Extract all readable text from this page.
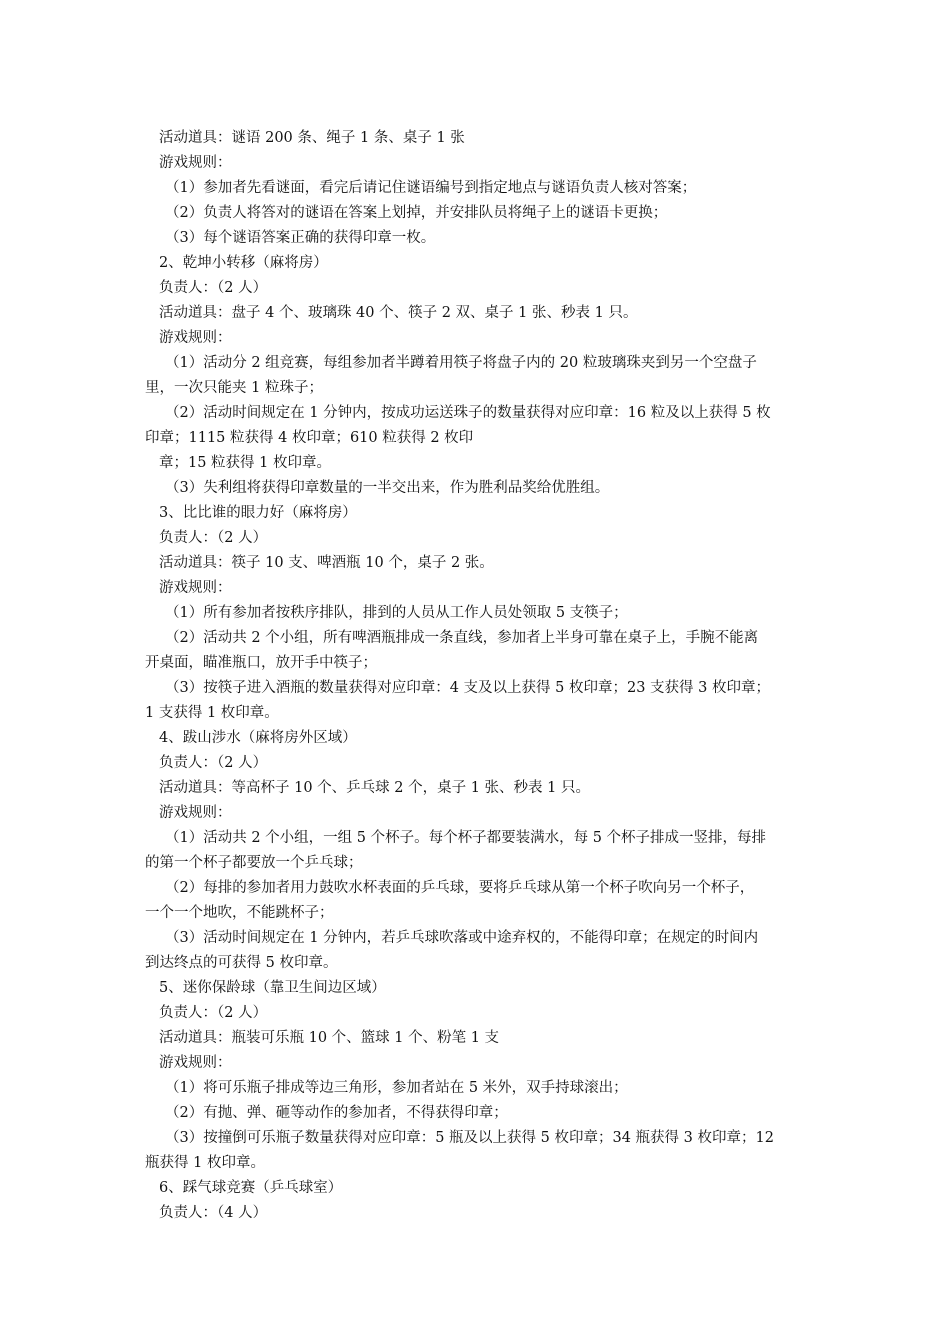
活动道具：谜语 200 条、绳子 1 条、桌子 1 张
游戏规则：
（1）参加者先看谜面，看完后请记住谜语编号到指定地点与谜语负责人核对答案；
（2）负责人将答对的谜语在答案上划掉，并安排队员将绳子上的谜语卡更换；
（3）每个谜语答案正确的获得印章一枚。
2、乾坤小转移（麻将房）
负责人：（2 人）
活动道具：盘子 4 个、玻璃珠 40 个、筷子 2 双、桌子 1 张、秒表 1 只。
游戏规则：
（1）活动分 2 组竞赛，每组参加者半蹲着用筷子将盘子内的 20 粒玻璃珠夹到另一个空盘子
里，一次只能夹 1 粒珠子；
（2）活动时间规定在 1 分钟内，按成功运送珠子的数量获得对应印章：16 粒及以上获得 5 枚
印章；1115 粒获得 4 枚印章；610 粒获得 2 枚印
章；15 粒获得 1 枚印章。
（3）失利组将获得印章数量的一半交出来，作为胜利品奖给优胜组。
3、比比谁的眼力好（麻将房）
负责人：（2 人）
活动道具：筷子 10 支、啤酒瓶 10 个，桌子 2 张。
游戏规则：
（1）所有参加者按秩序排队，排到的人员从工作人员处领取 5 支筷子；
（2）活动共 2 个小组，所有啤酒瓶排成一条直线，参加者上半身可靠在桌子上，手腕不能离
开桌面，瞄准瓶口，放开手中筷子；
（3）按筷子进入酒瓶的数量获得对应印章：4 支及以上获得 5 枚印章；23 支获得 3 枚印章；
1 支获得 1 枚印章。
4、跋山涉水（麻将房外区域）
负责人：（2 人）
活动道具：等高杯子 10 个、乒乓球 2 个，桌子 1 张、秒表 1 只。
游戏规则：
（1）活动共 2 个小组，一组 5 个杯子。每个杯子都要装满水，每 5 个杯子排成一竖排，每排
的第一个杯子都要放一个乒乓球；
（2）每排的参加者用力鼓吹水杯表面的乒乓球，要将乒乓球从第一个杯子吹向另一个杯子，
一个一个地吹，不能跳杯子；
（3）活动时间规定在 1 分钟内，若乒乓球吹落或中途弃权的，不能得印章；在规定的时间内
到达终点的可获得 5 枚印章。
5、迷你保龄球（靠卫生间边区域）
负责人：（2 人）
活动道具：瓶装可乐瓶 10 个、篮球 1 个、粉笔 1 支
游戏规则：
（1）将可乐瓶子排成等边三角形，参加者站在 5 米外，双手持球滚出；
（2）有抛、弹、砸等动作的参加者，不得获得印章；
（3）按撞倒可乐瓶子数量获得对应印章：5 瓶及以上获得 5 枚印章；34 瓶获得 3 枚印章；12
瓶获得 1 枚印章。
6、踩气球竞赛（乒乓球室）
负责人：（4 人）
